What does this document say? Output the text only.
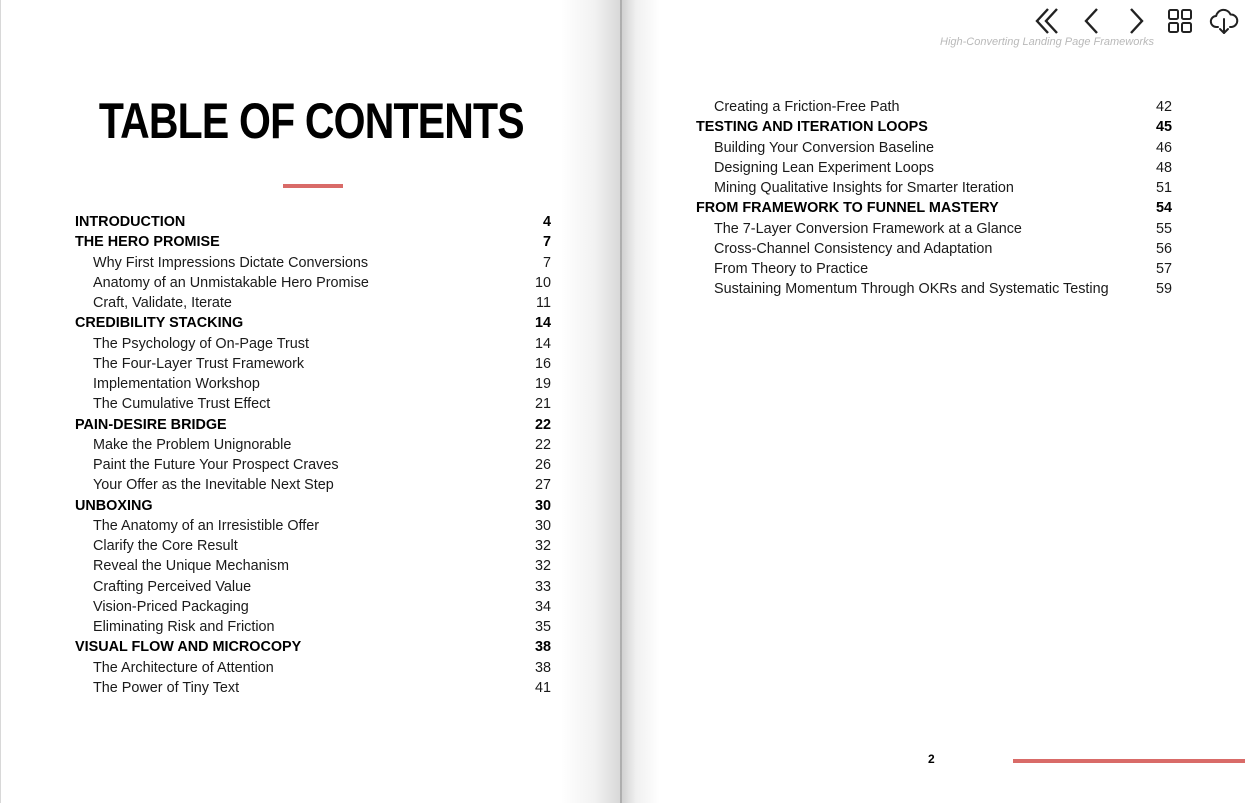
TABLE OF CONTENTS
INTRODUCTION	4
THE HERO PROMISE	7
Why First Impressions Dictate Conversions	7
Anatomy of an Unmistakable Hero Promise	10
Craft, Validate, Iterate	11
CREDIBILITY STACKING	14
The Psychology of On-Page Trust	14
The Four-Layer Trust Framework	16
Implementation Workshop	19
The Cumulative Trust Effect	21
PAIN-DESIRE BRIDGE	22
Make the Problem Unignorable	22
Paint the Future Your Prospect Craves	26
Your Offer as the Inevitable Next Step	27
UNBOXING	30
The Anatomy of an Irresistible Offer	30
Clarify the Core Result	32
Reveal the Unique Mechanism	32
Crafting Perceived Value	33
Vision-Priced Packaging	34
Eliminating Risk and Friction	35
VISUAL FLOW AND MICROCOPY	38
The Architecture of Attention	38
The Power of Tiny Text	41
High-Converting Landing Page Frameworks
Creating a Friction-Free Path	42
TESTING AND ITERATION LOOPS	45
Building Your Conversion Baseline	46
Designing Lean Experiment Loops	48
Mining Qualitative Insights for Smarter Iteration	51
FROM FRAMEWORK TO FUNNEL MASTERY	54
The 7-Layer Conversion Framework at a Glance	55
Cross-Channel Consistency and Adaptation	56
From Theory to Practice	57
Sustaining Momentum Through OKRs and Systematic Testing	59
2
